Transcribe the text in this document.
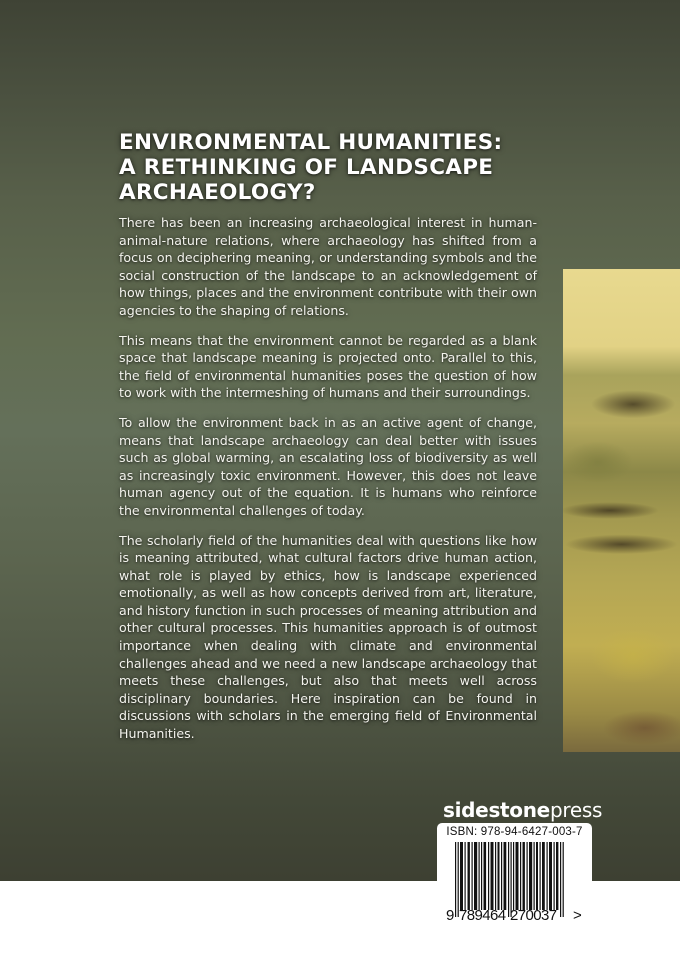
ENVIRONMENTAL HUMANITIES:
A RETHINKING OF LANDSCAPE
ARCHAEOLOGY?

There has been an increasing archaeological interest in human-animal-nature relations, where archaeology has shifted from a focus on deciphering meaning, or understanding symbols and the social construction of the landscape to an acknowledgement of how things, places and the environment contribute with their own agencies to the shaping of relations.

This means that the environment cannot be regarded as a blank space that landscape meaning is projected onto. Parallel to this, the field of environmental humanities poses the question of how to work with the intermeshing of humans and their surroundings.

To allow the environment back in as an active agent of change, means that landscape archaeology can deal better with issues such as global warming, an escalating loss of biodiversity as well as increasingly toxic environment. However, this does not leave human agency out of the equation. It is humans who reinforce the environmental challenges of today.

The scholarly field of the humanities deal with questions like how is meaning attributed, what cultural factors drive human action, what role is played by ethics, how is landscape experienced emotionally, as well as how concepts derived from art, literature, and history function in such processes of meaning attribution and other cultural processes. This humanities approach is of outmost importance when dealing with climate and environmental challenges ahead and we need a new landscape archaeology that meets these challenges, but also that meets well across disciplinary boundaries. Here inspiration can be found in discussions with scholars in the emerging field of Environmental Humanities.

sidestonepress
ISBN: 978-94-6427-003-7
9 789464 270037 >
